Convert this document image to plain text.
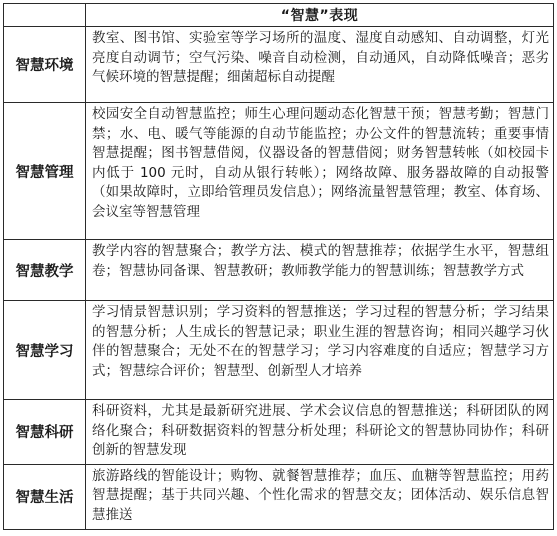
	“智慧”表现
智慧环境	教室、图书馆、实验室等学习场所的温度、湿度自动感知、自动调整，灯光亮度自动调节；空气污染、噪音自动检测，自动通风，自动降低噪音；恶劣气候环境的智慧提醒；细菌超标自动提醒
智慧管理	校园安全自动智慧监控；师生心理问题动态化智慧干预；智慧考勤；智慧门禁；水、电、暖气等能源的自动节能监控；办公文件的智慧流转；重要事情智慧提醒；图书智慧借阅，仪器设备的智慧借阅；财务智慧转帐（如校园卡内低于 100 元时，自动从银行转帐）；网络故障、服务器故障的自动报警（如果故障时，立即给管理员发信息）；网络流量智慧管理；教室、体育场、会议室等智慧管理
智慧教学	教学内容的智慧聚合；教学方法、模式的智慧推荐；依据学生水平，智慧组卷；智慧协同备课、智慧教研；教师教学能力的智慧训练；智慧教学方式
智慧学习	学习情景智慧识别；学习资料的智慧推送；学习过程的智慧分析；学习结果的智慧分析；人生成长的智慧记录；职业生涯的智慧咨询；相同兴趣学习伙伴的智慧聚合；无处不在的智慧学习；学习内容难度的自适应；智慧学习方式；智慧综合评价；智慧型、创新型人才培养
智慧科研	科研资料，尤其是最新研究进展、学术会议信息的智慧推送；科研团队的网络化聚合；科研数据资料的智慧分析处理；科研论文的智慧协同协作；科研创新的智慧发现
智慧生活	旅游路线的智能设计；购物、就餐智慧推荐；血压、血糖等智慧监控；用药智慧提醒；基于共同兴趣、个性化需求的智慧交友；团体活动、娱乐信息智慧推送
